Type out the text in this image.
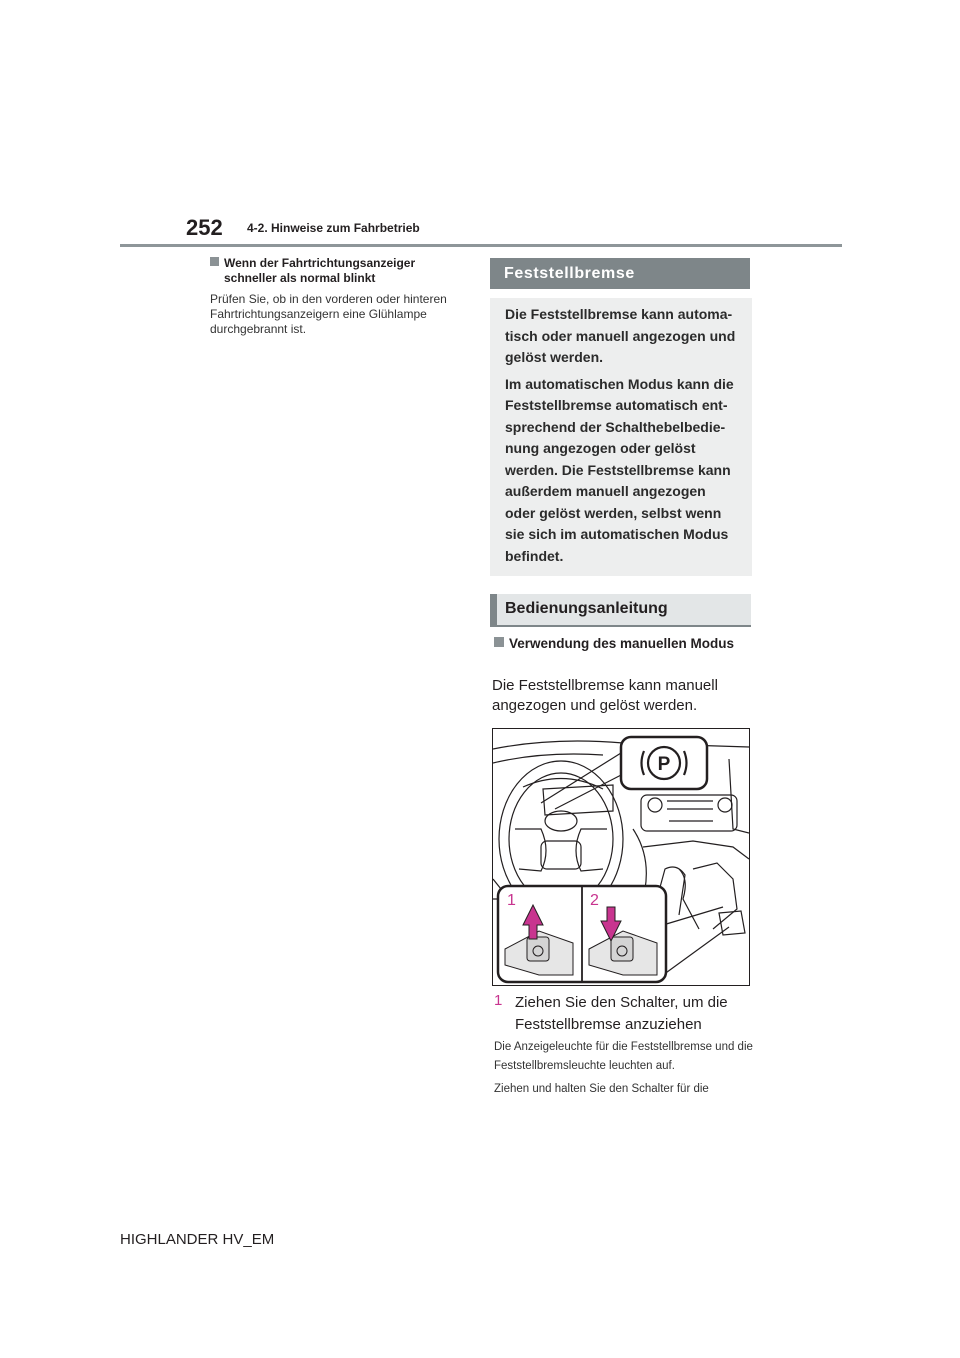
252 4-2. Hinweise zum Fahrbetrieb
Wenn der Fahrtrichtungsanzeiger schneller als normal blinkt
Prüfen Sie, ob in den vorderen oder hinteren Fahrtrichtungsanzeigern eine Glühlampe durchgebrannt ist.
Feststellbremse

Die Feststellbremse kann automa-tisch oder manuell angezogen und gelöst werden.

Im automatischen Modus kann die Feststellbremse automatisch ent-sprechend der Schalthebelbedie-nung angezogen oder gelöst werden. Die Feststellbremse kann außerdem manuell angezogen oder gelöst werden, selbst wenn sie sich im automatischen Modus befindet.

Bedienungsanleitung
Verwendung des manuellen Modus
Die Feststellbremse kann manuell angezogen und gelöst werden.
P
1	2
1 Ziehen Sie den Schalter, um die Feststellbremse anzuziehen
Die Anzeigeleuchte für die Feststellbremse und die Feststellbremsleuchte leuchten auf.
Ziehen und halten Sie den Schalter für die
HIGHLANDER HV_EM
